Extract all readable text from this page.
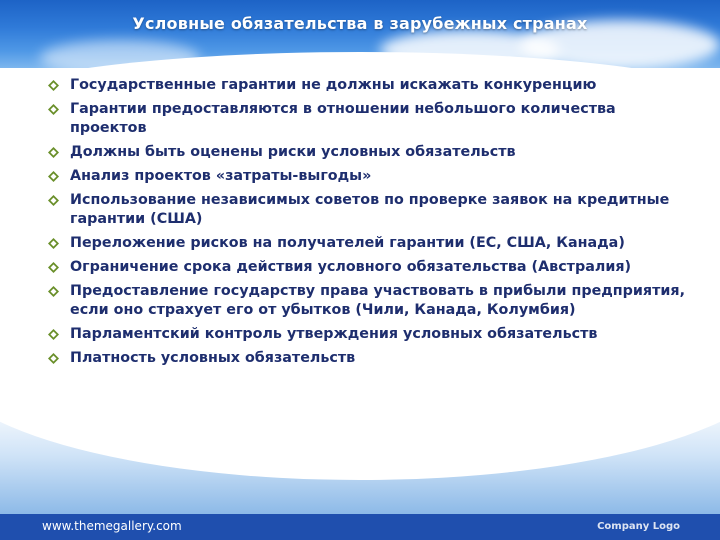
Условные обязательства в зарубежных странах
Государственные гарантии не должны искажать конкуренцию
Гарантии предоставляются в отношении небольшого количества проектов
Должны быть оценены риски условных обязательств
Анализ проектов «затраты-выгоды»
Использование независимых советов по проверке заявок на кредитные гарантии (США)
Переложение рисков на получателей гарантии (ЕС, США, Канада)
Ограничение срока действия условного обязательства (Австралия)
Предоставление государству права участвовать в прибыли предприятия, если оно страхует его от убытков (Чили, Канада, Колумбия)
Парламентский контроль утверждения условных обязательств
Платность условных обязательств
www.themegallery.com	Company Logo
